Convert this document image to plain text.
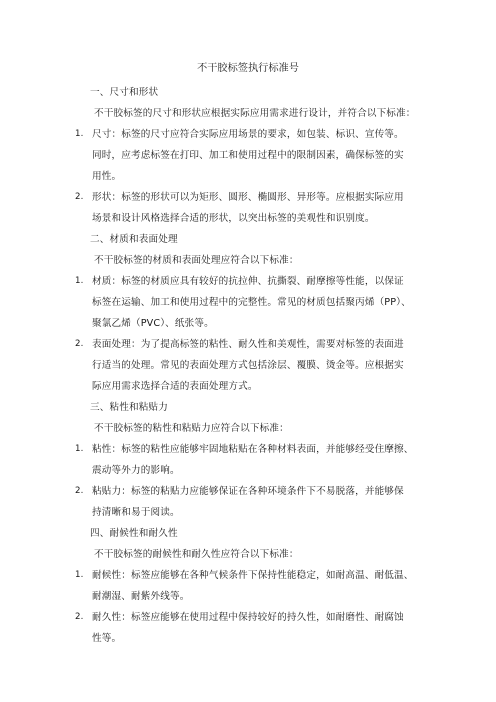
不干胶标签执行标准号
一、尺寸和形状
不干胶标签的尺寸和形状应根据实际应用需求进行设计，并符合以下标准：
1. 尺寸：标签的尺寸应符合实际应用场景的要求，如包装、标识、宣传等。
同时，应考虑标签在打印、加工和使用过程中的限制因素，确保标签的实
用性。
2. 形状：标签的形状可以为矩形、圆形、椭圆形、异形等。应根据实际应用
场景和设计风格选择合适的形状，以突出标签的美观性和识别度。
二、材质和表面处理
不干胶标签的材质和表面处理应符合以下标准：
1. 材质：标签的材质应具有较好的抗拉伸、抗撕裂、耐摩擦等性能，以保证
标签在运输、加工和使用过程中的完整性。常见的材质包括聚丙烯（PP）、
聚氯乙烯（PVC）、纸张等。
2. 表面处理：为了提高标签的粘性、耐久性和美观性，需要对标签的表面进
行适当的处理。常见的表面处理方式包括涂层、覆膜、烫金等。应根据实
际应用需求选择合适的表面处理方式。
三、粘性和粘贴力
不干胶标签的粘性和粘贴力应符合以下标准：
1. 粘性：标签的粘性应能够牢固地粘贴在各种材料表面，并能够经受住摩擦、
震动等外力的影响。
2. 粘贴力：标签的粘贴力应能够保证在各种环境条件下不易脱落，并能够保
持清晰和易于阅读。
四、耐候性和耐久性
不干胶标签的耐候性和耐久性应符合以下标准：
1. 耐候性：标签应能够在各种气候条件下保持性能稳定，如耐高温、耐低温、
耐潮湿、耐紫外线等。
2. 耐久性：标签应能够在使用过程中保持较好的持久性，如耐磨性、耐腐蚀
性等。
